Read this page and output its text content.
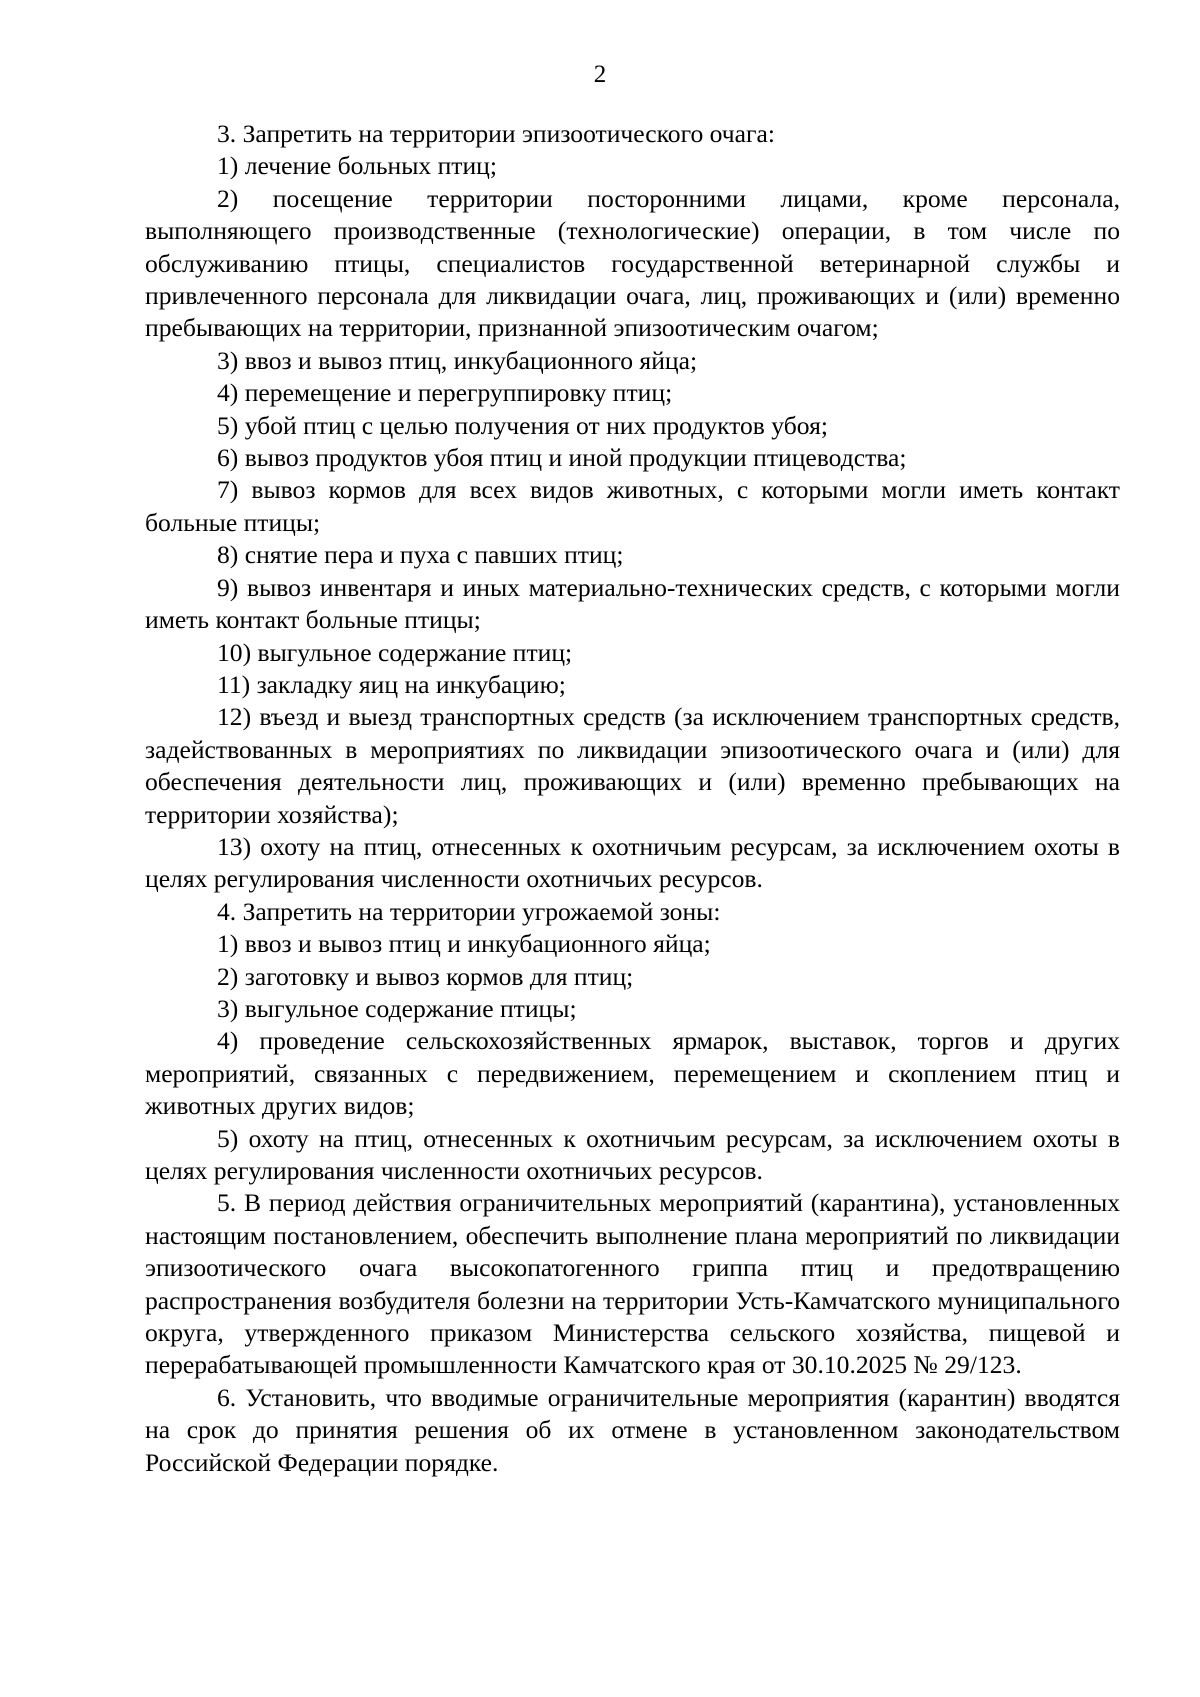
2

3. Запретить на территории эпизоотического очага:

1) лечение больных птиц;

2) посещение территории посторонними лицами, кроме персонала, выполняющего производственные (технологические) операции, в том числе по обслуживанию птицы, специалистов государственной ветеринарной службы и привлеченного персонала для ликвидации очага, лиц, проживающих и (или) временно пребывающих на территории, признанной эпизоотическим очагом;

3) ввоз и вывоз птиц, инкубационного яйца;

4) перемещение и перегруппировку птиц;

5) убой птиц с целью получения от них продуктов убоя;

6) вывоз продуктов убоя птиц и иной продукции птицеводства;

7) вывоз кормов для всех видов животных, с которыми могли иметь контакт больные птицы;

8) снятие пера и пуха с павших птиц;

9) вывоз инвентаря и иных материально-технических средств, с которыми могли иметь контакт больные птицы;

10) выгульное содержание птиц;

11) закладку яиц на инкубацию;

12) въезд и выезд транспортных средств (за исключением транспортных средств, задействованных в мероприятиях по ликвидации эпизоотического очага и (или) для обеспечения деятельности лиц, проживающих и (или) временно пребывающих на территории хозяйства);

13) охоту на птиц, отнесенных к охотничьим ресурсам, за исключением охоты в целях регулирования численности охотничьих ресурсов.

4. Запретить на территории угрожаемой зоны:

1) ввоз и вывоз птиц и инкубационного яйца;

2) заготовку и вывоз кормов для птиц;

3) выгульное содержание птицы;

4) проведение сельскохозяйственных ярмарок, выставок, торгов и других мероприятий, связанных с передвижением, перемещением и скоплением птиц и животных других видов;

5) охоту на птиц, отнесенных к охотничьим ресурсам, за исключением охоты в целях регулирования численности охотничьих ресурсов.

5. В период действия ограничительных мероприятий (карантина), установленных настоящим постановлением, обеспечить выполнение плана мероприятий по ликвидации эпизоотического очага высокопатогенного гриппа птиц и предотвращению распространения возбудителя болезни на территории Усть-Камчатского муниципального округа, утвержденного приказом Министерства сельского хозяйства, пищевой и перерабатывающей промышленности Камчатского края от 30.10.2025 № 29/123.

6. Установить, что вводимые ограничительные мероприятия (карантин) вводятся на срок до принятия решения об их отмене в установленном законодательством Российской Федерации порядке.
